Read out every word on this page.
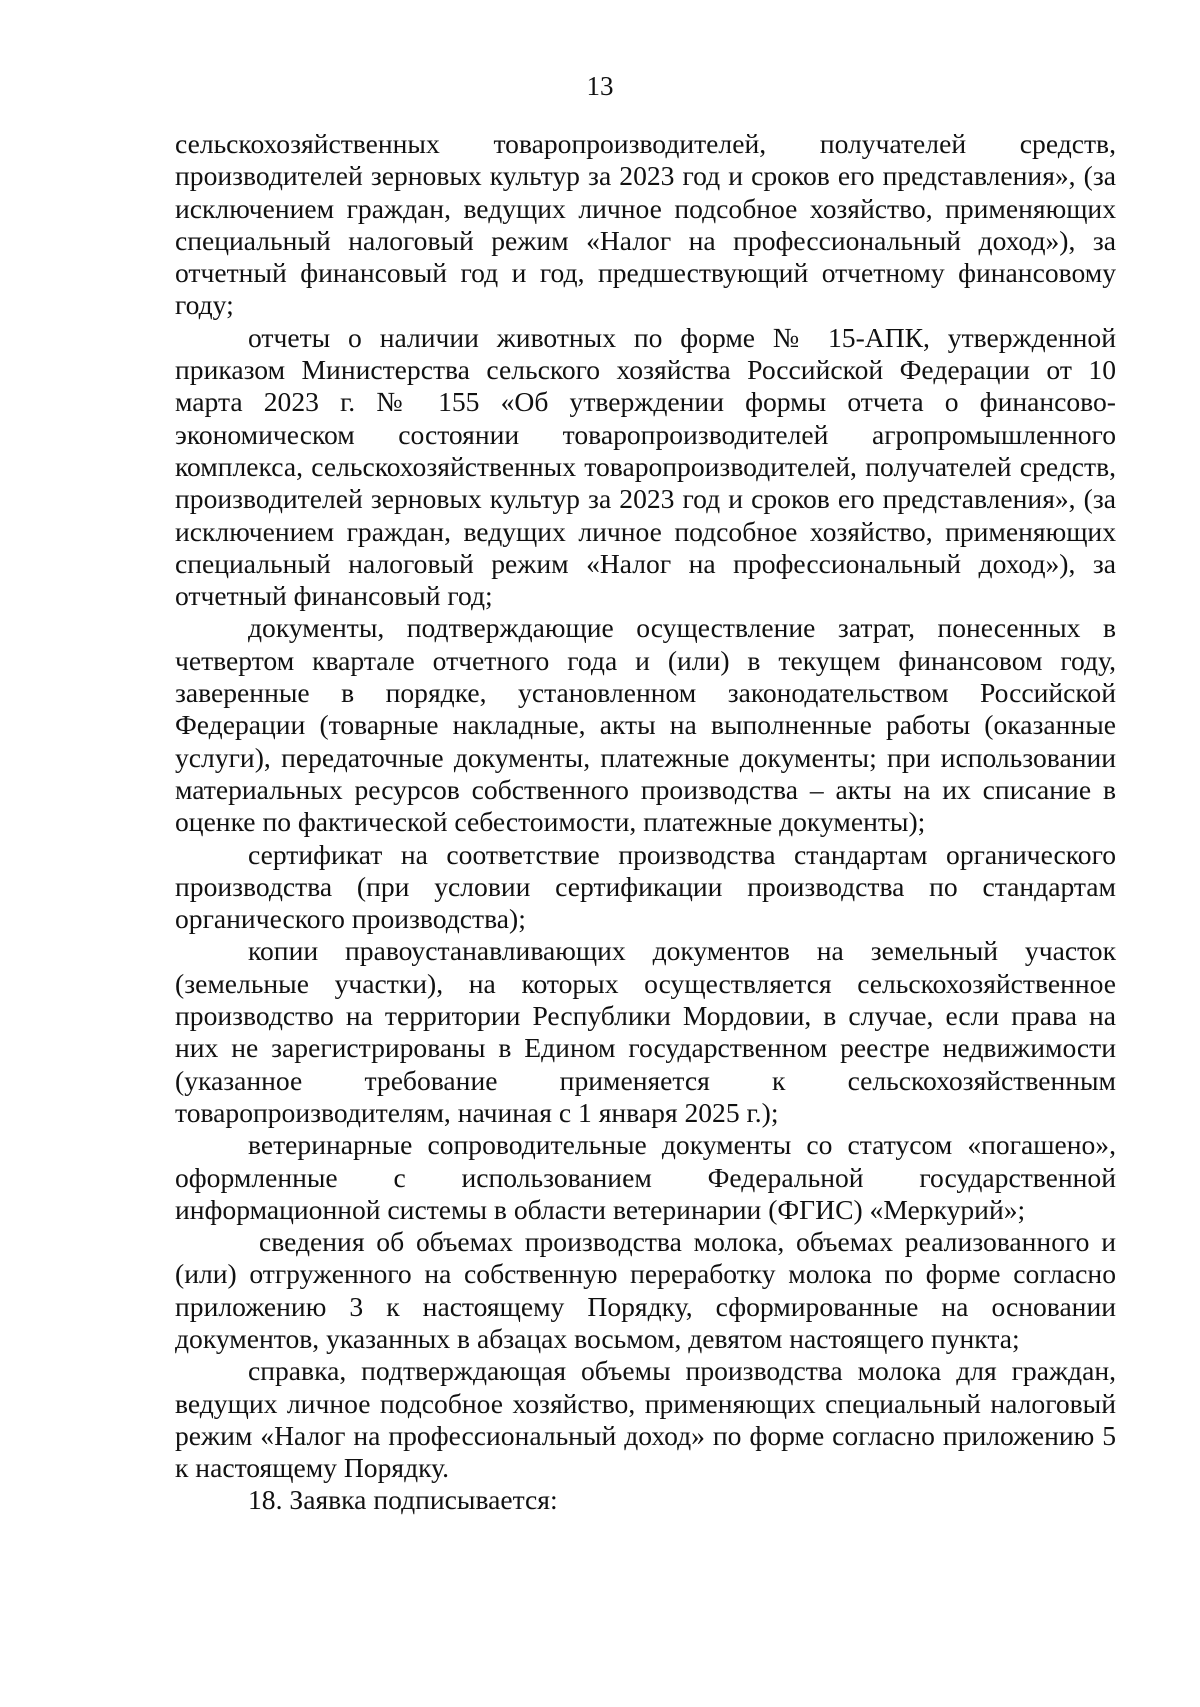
13

сельскохозяйственных товаропроизводителей, получателей средств, производителей зерновых культур за 2023 год и сроков его представления», (за исключением граждан, ведущих личное подсобное хозяйство, применяющих специальный налоговый режим «Налог на профессиональный доход»), за отчетный финансовый год и год, предшествующий отчетному финансовому году;

отчеты о наличии животных по форме № 15-АПК, утвержденной приказом Министерства сельского хозяйства Российской Федерации от 10 марта 2023 г. № 155 «Об утверждении формы отчета о финансово-экономическом состоянии товаропроизводителей агропромышленного комплекса, сельскохозяйственных товаропроизводителей, получателей средств, производителей зерновых культур за 2023 год и сроков его представления», (за исключением граждан, ведущих личное подсобное хозяйство, применяющих специальный налоговый режим «Налог на профессиональный доход»), за отчетный финансовый год;

документы, подтверждающие осуществление затрат, понесенных в четвертом квартале отчетного года и (или) в текущем финансовом году, заверенные в порядке, установленном законодательством Российской Федерации (товарные накладные, акты на выполненные работы (оказанные услуги), передаточные документы, платежные документы; при использовании материальных ресурсов собственного производства – акты на их списание в оценке по фактической себестоимости, платежные документы);

сертификат на соответствие производства стандартам органического производства (при условии сертификации производства по стандартам органического производства);

копии правоустанавливающих документов на земельный участок (земельные участки), на которых осуществляется сельскохозяйственное производство на территории Республики Мордовии, в случае, если права на них не зарегистрированы в Едином государственном реестре недвижимости (указанное требование применяется к сельскохозяйственным товаропроизводителям, начиная с 1 января 2025 г.);

ветеринарные сопроводительные документы со статусом «погашено», оформленные с использованием Федеральной государственной информационной системы в области ветеринарии (ФГИС) «Меркурий»;

сведения об объемах производства молока, объемах реализованного и (или) отгруженного на собственную переработку молока по форме согласно приложению 3 к настоящему Порядку, сформированные на основании документов, указанных в абзацах восьмом, девятом настоящего пункта;

справка, подтверждающая объемы производства молока для граждан, ведущих личное подсобное хозяйство, применяющих специальный налоговый режим «Налог на профессиональный доход» по форме согласно приложению 5 к настоящему Порядку.

18. Заявка подписывается:
